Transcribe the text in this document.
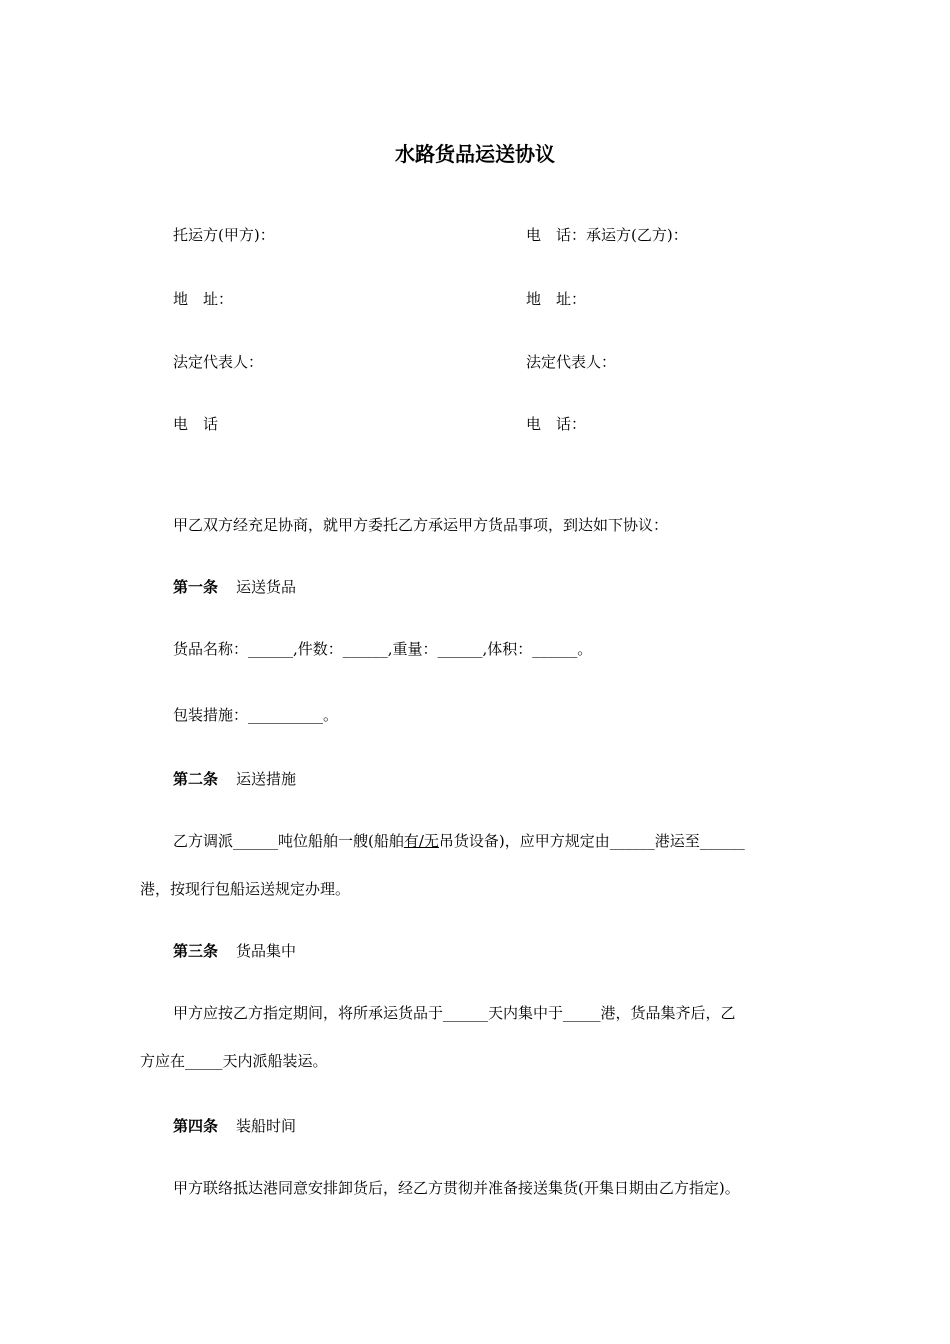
水路货品运送协议
托运方(甲方)：	电　话：承运方(乙方)：
地　址：	地　址：
法定代表人：	法定代表人：
电　话	电　话：
甲乙双方经充足协商，就甲方委托乙方承运甲方货品事项，到达如下协议：
第一条 运送货品
货品名称：______,件数：______,重量：______,体积：______。
包装措施：__________。
第二条 运送措施
乙方调派______吨位船舶一艘(船舶有/无吊货设备)，应甲方规定由______港运至______
港，按现行包船运送规定办理。
第三条 货品集中
甲方应按乙方指定期间，将所承运货品于______天内集中于_____港，货品集齐后，乙
方应在_____天内派船装运。
第四条 装船时间
甲方联络抵达港同意安排卸货后，经乙方贯彻并准备接送集货(开集日期由乙方指定)。
